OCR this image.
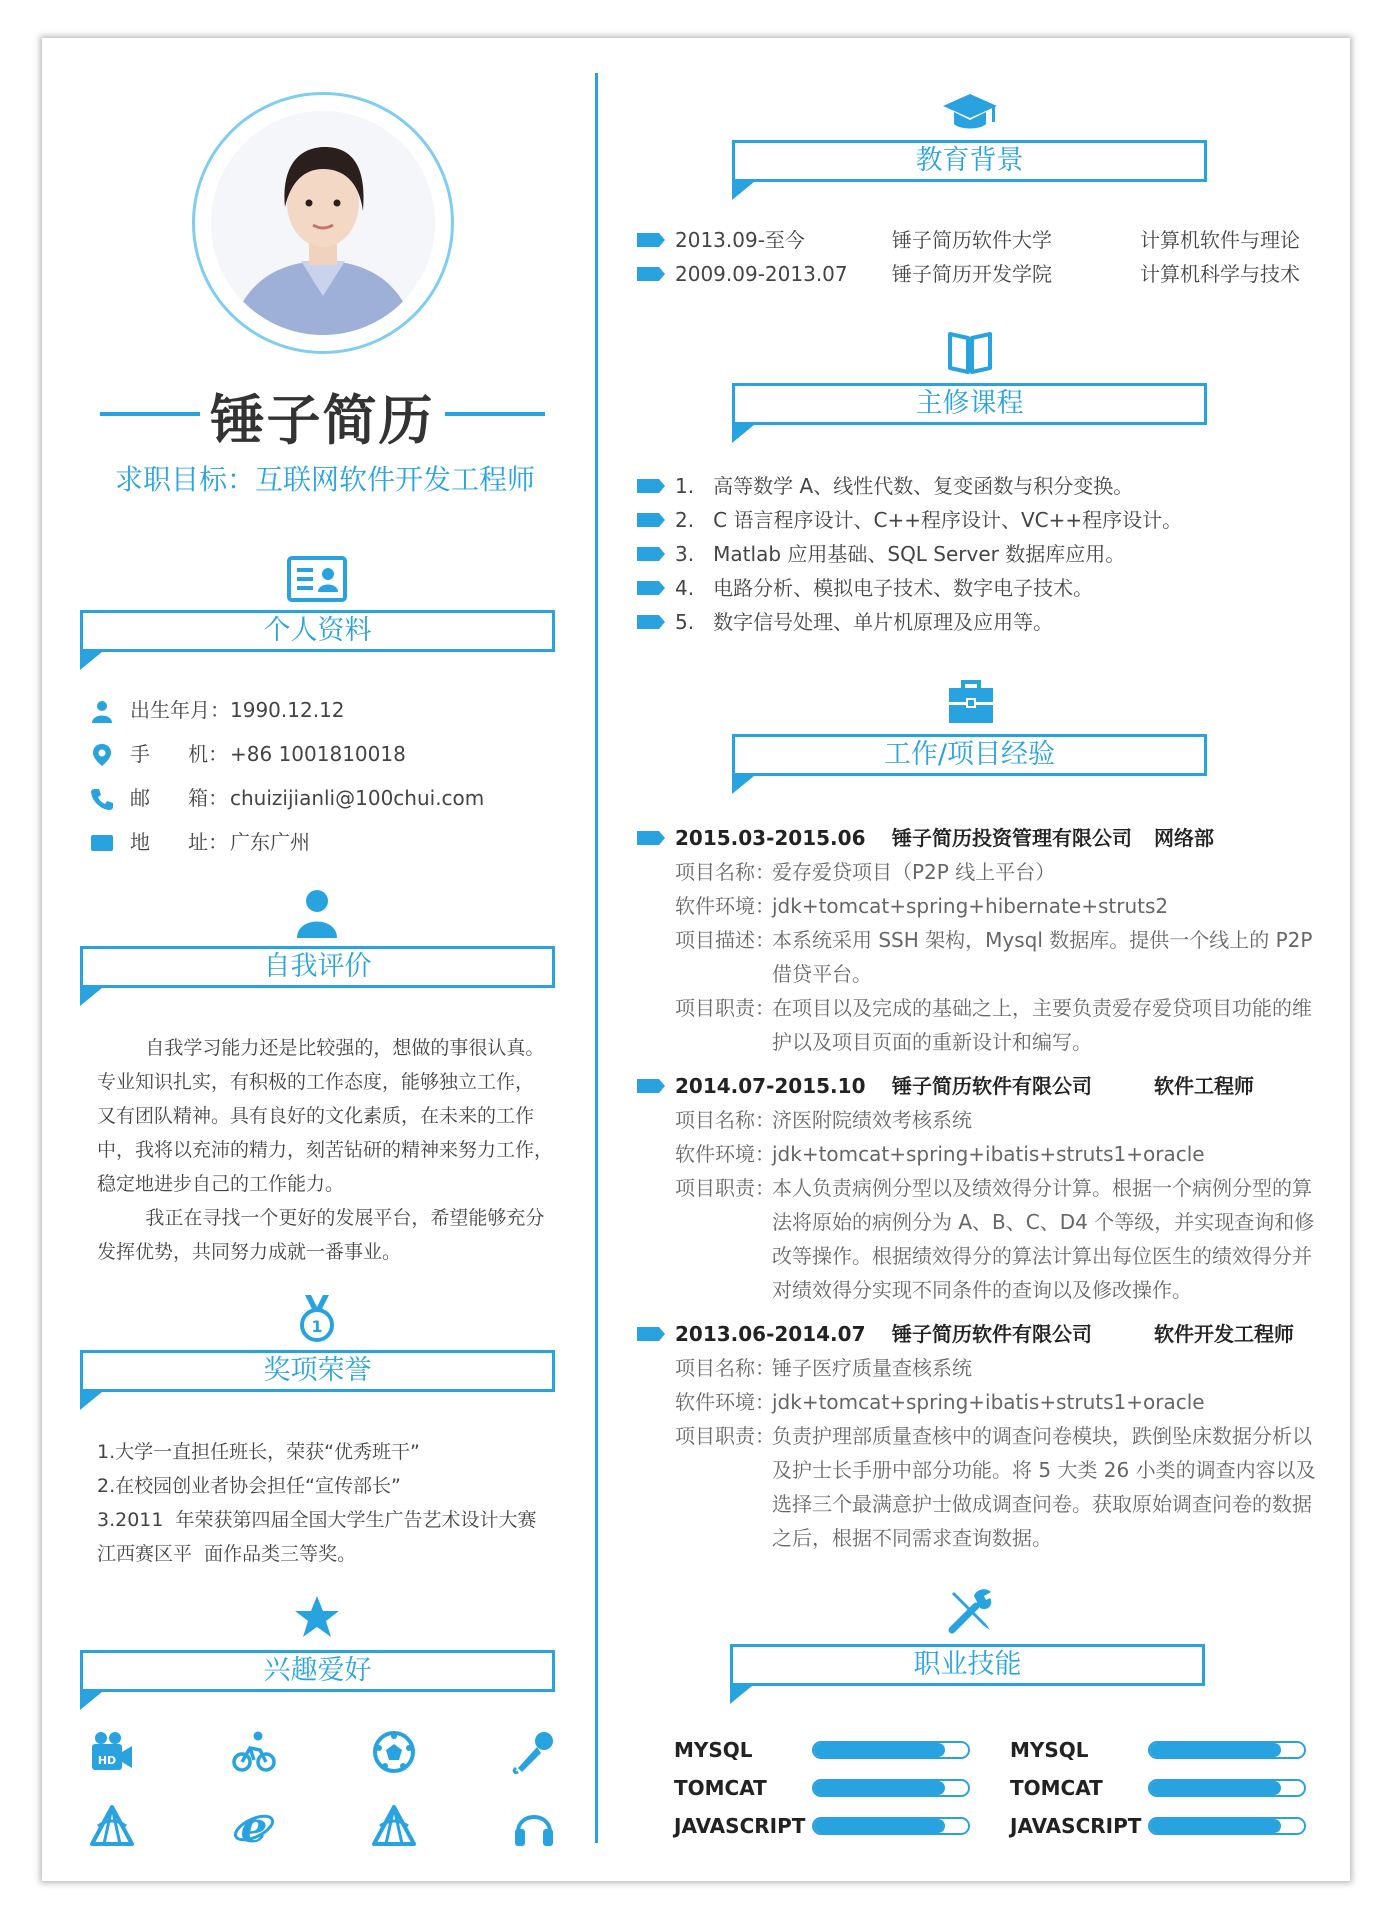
锤子简历
求职目标：互联网软件开发工程师
个人资料
出生年月： 1990.12.12
手      机： +86 1001810018
邮      箱： chuizijianli@100chui.com
地      址： 广东广州
自我评价

自我学习能力还是比较强的，想做的事很认真。

专业知识扎实，有积极的工作态度，能够独立工作，

又有团队精神。具有良好的文化素质，在未来的工作

中，我将以充沛的精力，刻苦钻研的精神来努力工作，

稳定地进步自己的工作能力。

我正在寻找一个更好的发展平台，希望能够充分

发挥优势，共同努力成就一番事业。

1
奖项荣誉

1.大学一直担任班长，荣获“优秀班干”

2.在校园创业者协会担任“宣传部长”

3.2011  年荣获第四届全国大学生广告艺术设计大赛

江西赛区平  面作品类三等奖。

兴趣爱好
HD
e
教育背景
2013.09-至今	锤子简历软件大学	计算机软件与理论
2009.09-2013.07 锤子简历开发学院	计算机科学与技术
主修课程
1.   高等数学 A、线性代数、复变函数与积分变换。
2.   C 语言程序设计、C++程序设计、VC++程序设计。
3.   Matlab 应用基础、SQL Server 数据库应用。
4.   电路分析、模拟电子技术、数字电子技术。
5.   数字信号处理、单片机原理及应用等。
工作/项目经验
2015.03-2015.06 锤子简历投资管理有限公司 网络部
项目名称：
爱存爱贷项目（P2P 线上平台）
软件环境：
jdk+tomcat+spring+hibernate+struts2
项目描述：
本系统采用 SSH 架构，Mysql 数据库。提供一个线上的 P2P
借贷平台。
项目职责：
在项目以及完成的基础之上，主要负责爱存爱贷项目功能的维
护以及项目页面的重新设计和编写。
2014.07-2015.10 锤子简历软件有限公司	软件工程师
项目名称：
济医附院绩效考核系统
软件环境：
jdk+tomcat+spring+ibatis+struts1+oracle
项目职责：
本人负责病例分型以及绩效得分计算。根据一个病例分型的算
法将原始的病例分为 A、B、C、D4 个等级，并实现查询和修
改等操作。根据绩效得分的算法计算出每位医生的绩效得分并
对绩效得分实现不同条件的查询以及修改操作。
2013.06-2014.07 锤子简历软件有限公司	软件开发工程师
项目名称：
锤子医疗质量查核系统
软件环境：
jdk+tomcat+spring+ibatis+struts1+oracle
项目职责：
负责护理部质量查核中的调查问卷模块，跌倒坠床数据分析以
及护士长手册中部分功能。将 5 大类 26 小类的调查内容以及
选择三个最满意护士做成调查问卷。获取原始调查问卷的数据
之后，根据不同需求查询数据。
职业技能
MYSQL
TOMCAT
JAVASCRIPT
MYSQL
TOMCAT
JAVASCRIPT
